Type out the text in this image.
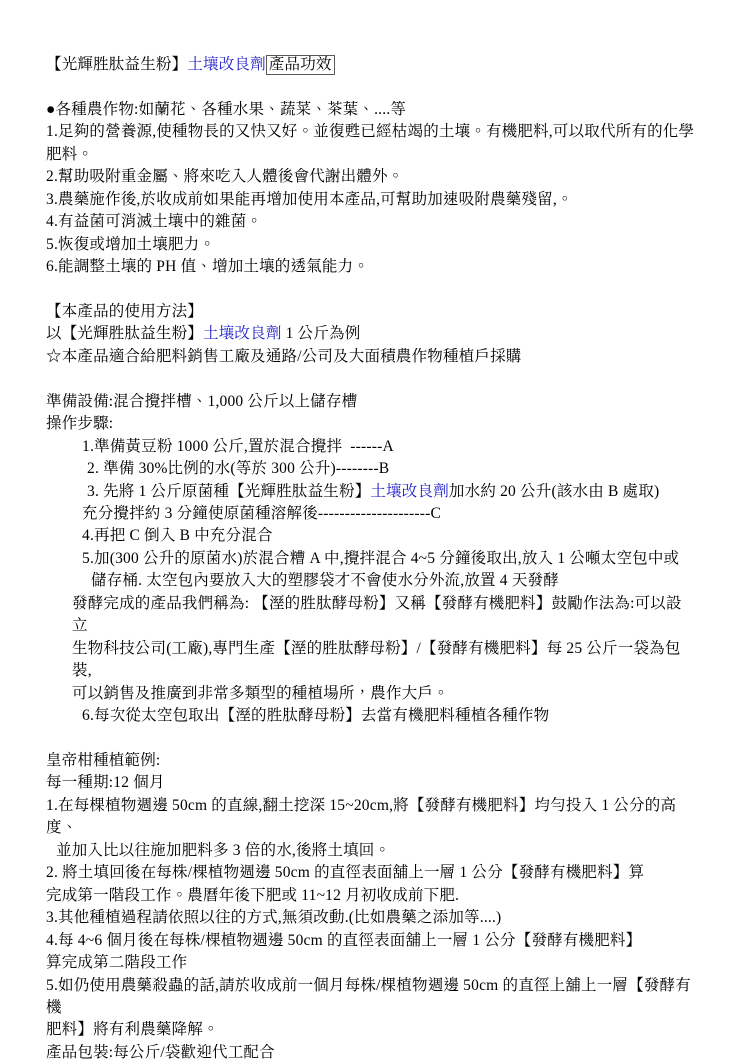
【光輝胜肽益生粉】土壤改良劑 產品功效
●各種農作物:如蘭花、各種水果、蔬菜、茶葉、....等
1.足夠的營養源,使種物長的又快又好。並復甦已經枯竭的土壤。有機肥料,可以取代所有的化學
肥料。
2.幫助吸附重金屬、將來吃入人體後會代謝出體外。
3.農藥施作後,於收成前如果能再增加使用本產品,可幫助加速吸附農藥殘留,。
4.有益菌可消滅土壤中的雜菌。
5.恢復或增加土壤肥力。
6.能調整土壤的 PH 值、增加土壤的透氣能力。
【本產品的使用方法】
以【光輝胜肽益生粉】土壤改良劑 1 公斤為例
☆本產品適合給肥料銷售工廠及通路/公司及大面積農作物種植戶採購
準備設備:混合攪拌槽、1,000 公斤以上儲存槽
操作步驟:
1.準備黃豆粉 1000 公斤,置於混合攪拌  ------A
2. 準備 30%比例的水(等於 300 公升)--------B
3. 先將 1 公斤原菌種【光輝胜肽益生粉】土壤改良劑加水約 20 公升(該水由 B 處取)
充分攪拌約 3 分鐘使原菌種溶解後---------------------C
4.再把 C 倒入 B 中充分混合
5.加(300 公升的原菌水)於混合糟 A 中,攪拌混合 4~5 分鐘後取出,放入 1 公噸太空包中或
儲存桶. 太空包內要放入大的塑膠袋才不會使水分外流,放置 4 天發酵
發酵完成的產品我們稱為: 【溼的胜肽酵母粉】又稱【發酵有機肥料】鼓勵作法為:可以設立
生物科技公司(工廠),專門生產【溼的胜肽酵母粉】/【發酵有機肥料】每 25 公斤一袋為包裝,
可以銷售及推廣到非常多類型的種植場所，農作大戶。
6.每次從太空包取出【溼的胜肽酵母粉】去當有機肥料種植各種作物
皇帝柑種植範例:
每一種期:12 個月
1.在每棵植物週邊 50cm 的直線,翻土挖深 15~20cm,將【發酵有機肥料】均勻投入 1 公分的高度、
並加入比以往施加肥料多 3 倍的水,後將土填回。
2. 將土填回後在每株/棵植物週邊 50cm 的直徑表面舖上一層 1 公分【發酵有機肥料】算
完成第一階段工作。農曆年後下肥或 11~12 月初收成前下肥.
3.其他種植過程請依照以往的方式,無須改動.(比如農藥之添加等....)
4.每 4~6 個月後在每株/棵植物週邊 50cm 的直徑表面舖上一層 1 公分【發酵有機肥料】
算完成第二階段工作
5.如仍使用農藥殺蟲的話,請於收成前一個月每株/棵植物週邊 50cm 的直徑上舖上一層【發酵有機
肥料】將有利農藥降解。
產品包裝:每公斤/袋歡迎代工配合
